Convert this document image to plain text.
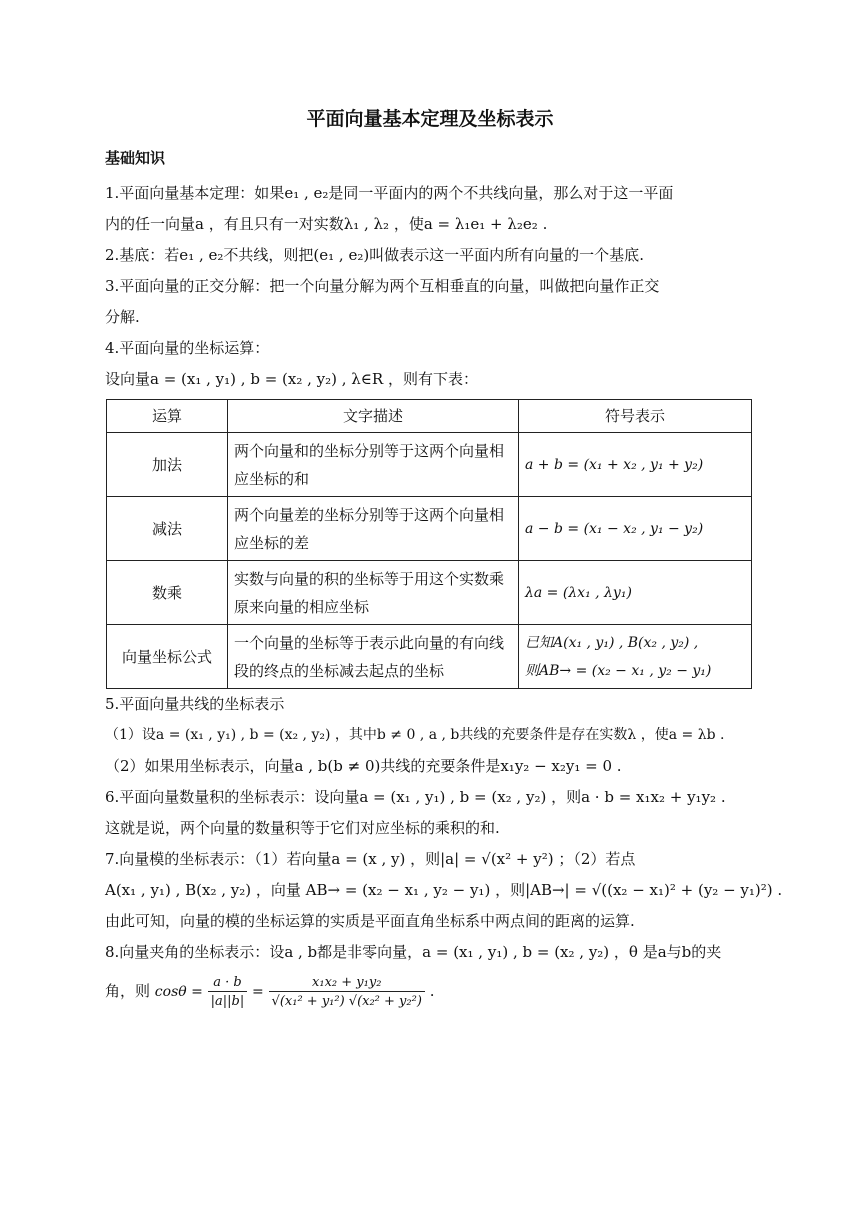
平面向量基本定理及坐标表示
基础知识
1.平面向量基本定理：如果e₁ , e₂是同一平面内的两个不共线向量，那么对于这一平面
内的任一向量a ，有且只有一对实数λ₁ , λ₂ ，使a = λ₁e₁ + λ₂e₂ .
2.基底：若e₁ , e₂不共线，则把(e₁ , e₂)叫做表示这一平面内所有向量的一个基底.
3.平面向量的正交分解：把一个向量分解为两个互相垂直的向量，叫做把向量作正交
分解.
4.平面向量的坐标运算：
设向量a = (x₁ , y₁) , b = (x₂ , y₂) , λ∈R ，则有下表：
运算	文字描述	符号表示
加法	两个向量和的坐标分别等于这两个向量相应坐标的和	a + b = (x₁ + x₂ , y₁ + y₂)
减法	两个向量差的坐标分别等于这两个向量相应坐标的差	a − b = (x₁ − x₂ , y₁ − y₂)
数乘	实数与向量的积的坐标等于用这个实数乘原来向量的相应坐标	λa = (λx₁ , λy₁)
向量坐标公式	一个向量的坐标等于表示此向量的有向线段的终点的坐标减去起点的坐标	已知A(x₁ , y₁) , B(x₂ , y₂) ,
则AB→ = (x₂ − x₁ , y₂ − y₁)
5.平面向量共线的坐标表示
（1）设a = (x₁ , y₁) , b = (x₂ , y₂) ，其中b ≠ 0 , a , b共线的充要条件是存在实数λ ，使a = λb .
（2）如果用坐标表示，向量a , b(b ≠ 0)共线的充要条件是x₁y₂ − x₂y₁ = 0 .
6.平面向量数量积的坐标表示：设向量a = (x₁ , y₁) , b = (x₂ , y₂) ，则a · b = x₁x₂ + y₁y₂ .
这就是说，两个向量的数量积等于它们对应坐标的乘积的和.
7.向量模的坐标表示：（1）若向量a = (x , y) ，则|a| = √(x² + y²) ；（2）若点
A(x₁ , y₁) , B(x₂ , y₂) ，向量 AB→ = (x₂ − x₁ , y₂ − y₁) ，则|AB→| = √((x₂ − x₁)² + (y₂ − y₁)²) .
由此可知，向量的模的坐标运算的实质是平面直角坐标系中两点间的距离的运算.
8.向量夹角的坐标表示：设a , b都是非零向量，a = (x₁ , y₁) , b = (x₂ , y₂) ，θ 是a与b的夹
角，则 $\cos\theta = \frac{a \cdot b}{|a||b|} = \frac{\text{x₁x₂ + y₁y₂}}{\text{√(x₁² + y₁²) √(x₂² + y₂²)}}$ .
